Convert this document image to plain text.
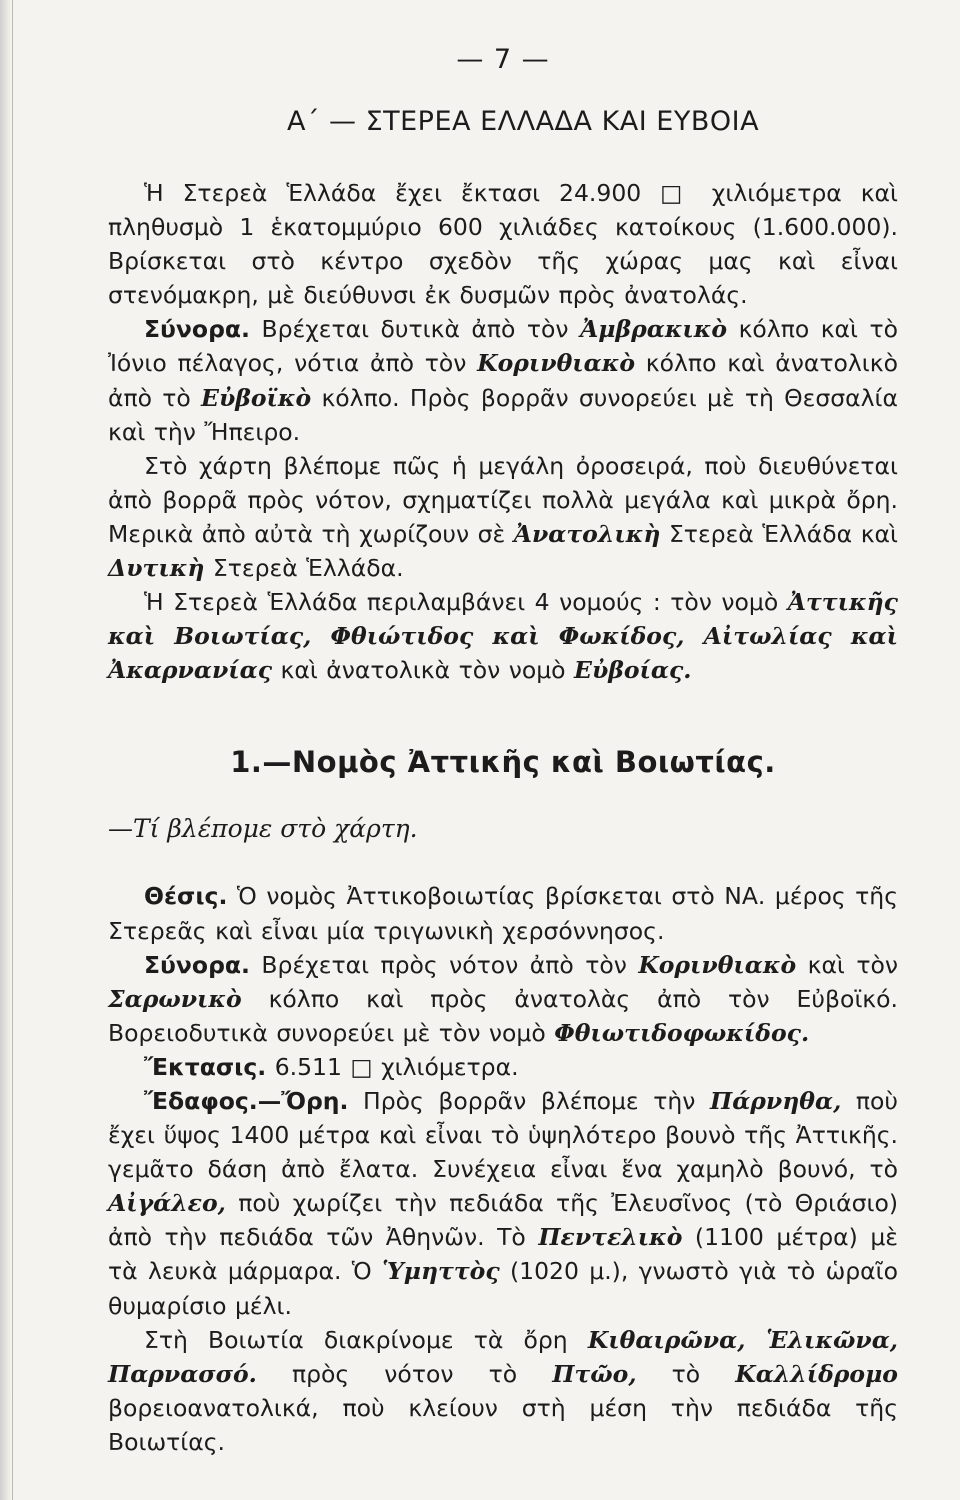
— 7 —
Α΄ — ΣΤΕΡΕΑ ΕΛΛΑΔΑ ΚΑΙ ΕΥΒΟΙΑ

Ἡ Στερεὰ Ἑλλάδα ἔχει ἔκτασι 24.900 □ χιλιόμετρα καὶ πληθυσμὸ 1 ἑκατομμύριο 600 χιλιάδες κατοίκους (1.600.000). Βρίσκεται στὸ κέντρο σχεδὸν τῆς χώρας μας καὶ εἶναι στενόμακρη, μὲ διεύθυνσι ἐκ δυσμῶν πρὸς ἀνατολάς.

Σύνορα. Βρέχεται δυτικὰ ἀπὸ τὸν Ἀμβρακικὸ κόλπο καὶ τὸ Ἰόνιο πέλαγος, νότια ἀπὸ τὸν Κορινθιακὸ κόλπο καὶ ἀνατολικὸ ἀπὸ τὸ Εὐβοϊκὸ κόλπο. Πρὸς βορρᾶν συνορεύει μὲ τὴ Θεσσαλία καὶ τὴν Ἤπειρο.

Στὸ χάρτη βλέπομε πῶς ἡ μεγάλη ὀροσειρά, ποὺ διευθύνεται ἀπὸ βορρᾶ πρὸς νότον, σχηματίζει πολλὰ μεγάλα καὶ μικρὰ ὄρη. Μερικὰ ἀπὸ αὐτὰ τὴ χωρίζουν σὲ Ἀνατολικὴ Στερεὰ Ἑλλάδα καὶ Δυτικὴ Στερεὰ Ἑλλάδα.

Ἡ Στερεὰ Ἑλλάδα περιλαμβάνει 4 νομούς : τὸν νομὸ Ἀττικῆς καὶ Βοιωτίας, Φθιώτιδος καὶ Φωκίδος, Αἰτωλίας καὶ Ἀκαρνανίας καὶ ἀνατολικὰ τὸν νομὸ Εὐβοίας.

1.—Νομὸς Ἀττικῆς καὶ Βοιωτίας.
—Τί βλέπομε στὸ χάρτη.

Θέσις. Ὁ νομὸς Ἀττικοβοιωτίας βρίσκεται στὸ ΝΑ. μέρος τῆς Στερεᾶς καὶ εἶναι μία τριγωνικὴ χερσόννησος.

Σύνορα. Βρέχεται πρὸς νότον ἀπὸ τὸν Κορινθιακὸ καὶ τὸν Σαρωνικὸ κόλπο καὶ πρὸς ἀνατολὰς ἀπὸ τὸν Εὐβοϊκό. Βορειοδυτικὰ συνορεύει μὲ τὸν νομὸ Φθιωτιδοφωκίδος.

Ἔκτασις. 6.511 □ χιλιόμετρα.

Ἔδαφος.—Ὄρη. Πρὸς βορρᾶν βλέπομε τὴν Πάρνηθα, ποὺ ἔχει ὕψος 1400 μέτρα καὶ εἶναι τὸ ὑψηλότερο βουνὸ τῆς Ἀττικῆς. γεμᾶτο δάση ἀπὸ ἔλατα. Συνέχεια εἶναι ἕνα χαμηλὸ βουνό, τὸ Αἰγάλεο, ποὺ χωρίζει τὴν πεδιάδα τῆς Ἐλευσῖνος (τὸ Θριάσιο) ἀπὸ τὴν πεδιάδα τῶν Ἀθηνῶν. Τὸ Πεντελικὸ (1100 μέτρα) μὲ τὰ λευκὰ μάρμαρα. Ὁ Ὑμηττὸς (1020 μ.), γνωστὸ γιὰ τὸ ὡραῖο θυμαρίσιο μέλι.

Στὴ Βοιωτία διακρίνομε τὰ ὄρη Κιθαιρῶνα, Ἑλικῶνα, Παρνασσό. πρὸς νότον τὸ Πτῶο, τὸ Καλλίδρομο βορειοανατολικά, ποὺ κλείουν στὴ μέση τὴν πεδιάδα τῆς Βοιωτίας.
